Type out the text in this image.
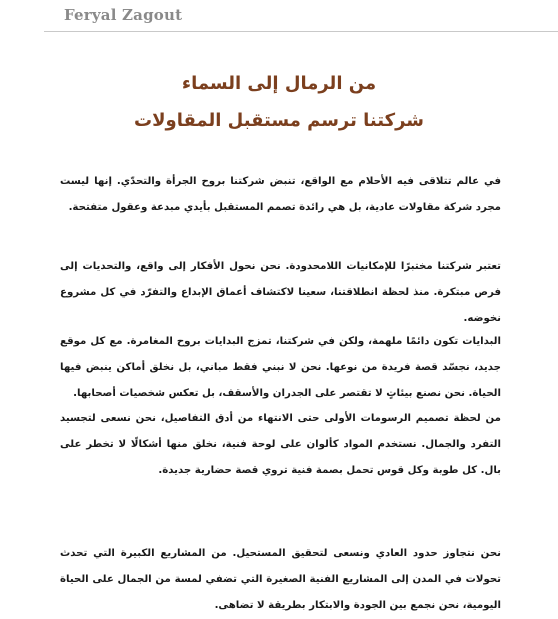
Feryal Zagout
من الرمال إلى السماء
شركتنا ترسم مستقبل المقاولات

في عالم تتلاقى فيه الأحلام مع الواقع، تنبض شركتنا بروح الجرأة والتحدّي. إنها ليست مجرد شركة مقاولات عادية، بل هي رائدة تصمم المستقبل بأيدي مبدعة وعقول متفتحة.

تعتبر شركتنا مختبرًا للإمكانيات اللامحدودة. نحن نحول الأفكار إلى واقع، والتحديات إلى فرص مبتكرة. منذ لحظة انطلاقتنا، سعينا لاكتشاف أعماق الإبداع والتفرّد في كل مشروع نخوضه.

البدايات تكون دائمًا ملهمة، ولكن في شركتنا، تمزج البدايات بروح المغامرة. مع كل موقع جديد، نجسّد قصة فريدة من نوعها. نحن لا نبني فقط مباني، بل نخلق أماكن ينبض فيها الحياة. نحن نصنع بيئاتٍ لا تقتصر على الجدران والأسقف، بل تعكس شخصيات أصحابها.

من لحظة تصميم الرسومات الأولى حتى الانتهاء من أدق التفاصيل، نحن نسعى لتجسيد التفرد والجمال. نستخدم المواد كألوان على لوحة فنية، نخلق منها أشكالًا لا تخطر على بال. كل طوبة وكل قوس تحمل بصمة فنية تروي قصة حضارية جديدة.

نحن نتجاوز حدود العادي ونسعى لتحقيق المستحيل. من المشاريع الكبيرة التي تحدث تحولات في المدن إلى المشاريع الفنية الصغيرة التي تضفي لمسة من الجمال على الحياة اليومية، نحن نجمع بين الجودة والابتكار بطريقة لا تضاهى.
